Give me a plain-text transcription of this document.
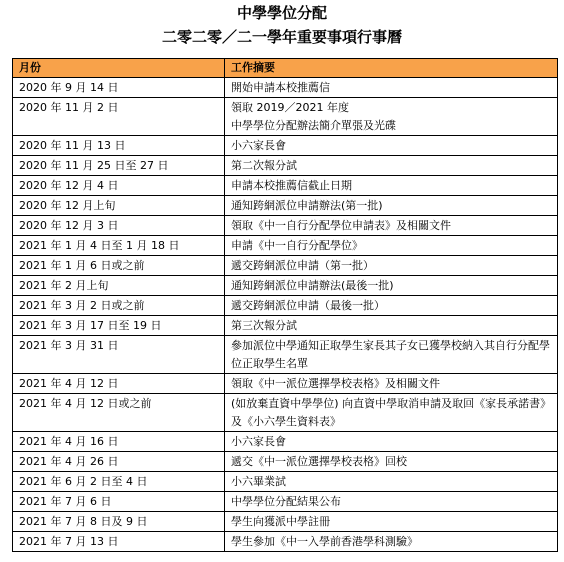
中學學位分配
二零二零／二一學年重要事項行事曆
月份	工作摘要
2020 年 9 月 14 日	開始申請本校推薦信
2020 年 11 月 2 日	領取 2019／2021 年度
中學學位分配辦法簡介單張及光碟
2020 年 11 月 13 日	小六家長會
2020 年 11 月 25 日至 27 日	第二次報分試
2020 年 12 月 4 日	申請本校推薦信截止日期
2020 年 12 月上旬	通知跨網派位申請辦法(第一批)
2020 年 12 月 3 日	領取《中一自行分配學位申請表》及相關文件
2021 年 1 月 4 日至 1 月 18 日	申請《中一自行分配學位》
2021 年 1 月 6 日或之前	遞交跨網派位申請（第一批）
2021 年 2 月上旬	通知跨網派位申請辦法(最後一批)
2021 年 3 月 2 日或之前	遞交跨網派位申請（最後一批）
2021 年 3 月 17 日至 19 日	第三次報分試
2021 年 3 月 31 日	參加派位中學通知正取學生家長其子女已獲學校納入其自行分配學位正取學生名單
2021 年 4 月 12 日	領取《中一派位選擇學校表格》及相關文件
2021 年 4 月 12 日或之前	(如放棄直資中學學位) 向直資中學取消申請及取回《家長承諾書》及《小六學生資料表》
2021 年 4 月 16 日	小六家長會
2021 年 4 月 26 日	遞交《中一派位選擇學校表格》回校
2021 年 6 月 2 日至 4 日	小六畢業試
2021 年 7 月 6 日	中學學位分配結果公布
2021 年 7 月 8 日及 9 日	學生向獲派中學註冊
2021 年 7 月 13 日	學生參加《中一入學前香港學科測驗》
